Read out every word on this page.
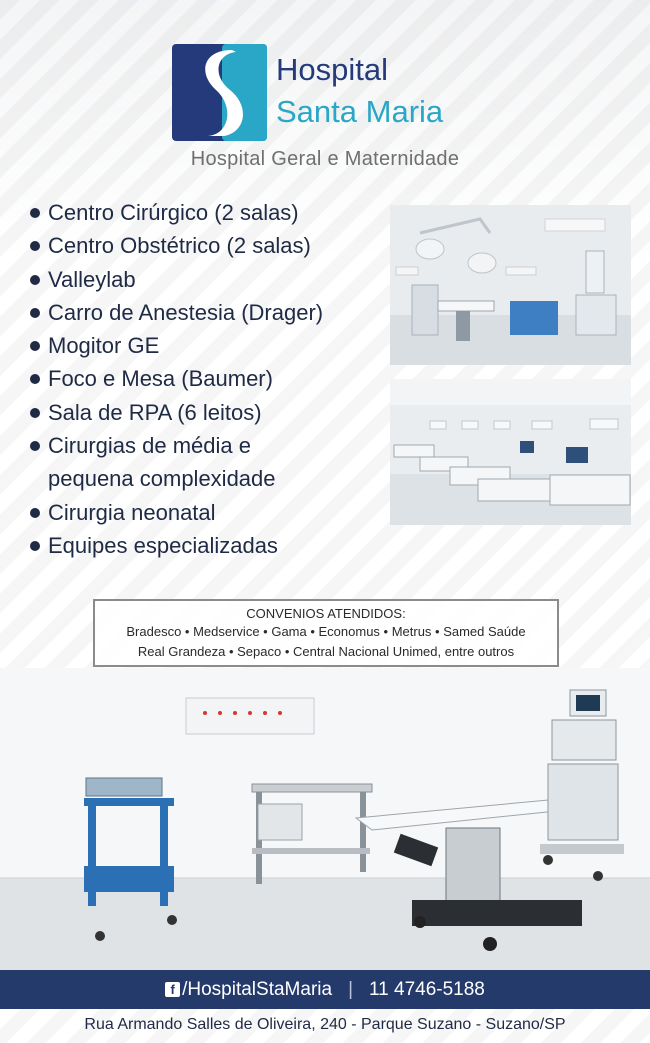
Hospital
Santa Maria
Hospital Geral e Maternidade
Centro Cirúrgico (2 salas)
Centro Obstétrico (2 salas)
Valleylab
Carro de Anestesia (Drager)
Mogitor GE
Foco e Mesa (Baumer)
Sala de RPA (6 leitos)
Cirurgias de média e
pequena complexidade
Cirurgia neonatal
Equipes especializadas
CONVENIOS ATENDIDOS:
Bradesco • Medservice • Gama • Economus • Metrus • Samed Saúde
Real Grandeza • Sepaco • Central Nacional Unimed, entre outros
f /HospitalStaMaria | 11 4746-5188
Rua Armando Salles de Oliveira, 240 - Parque Suzano - Suzano/SP
